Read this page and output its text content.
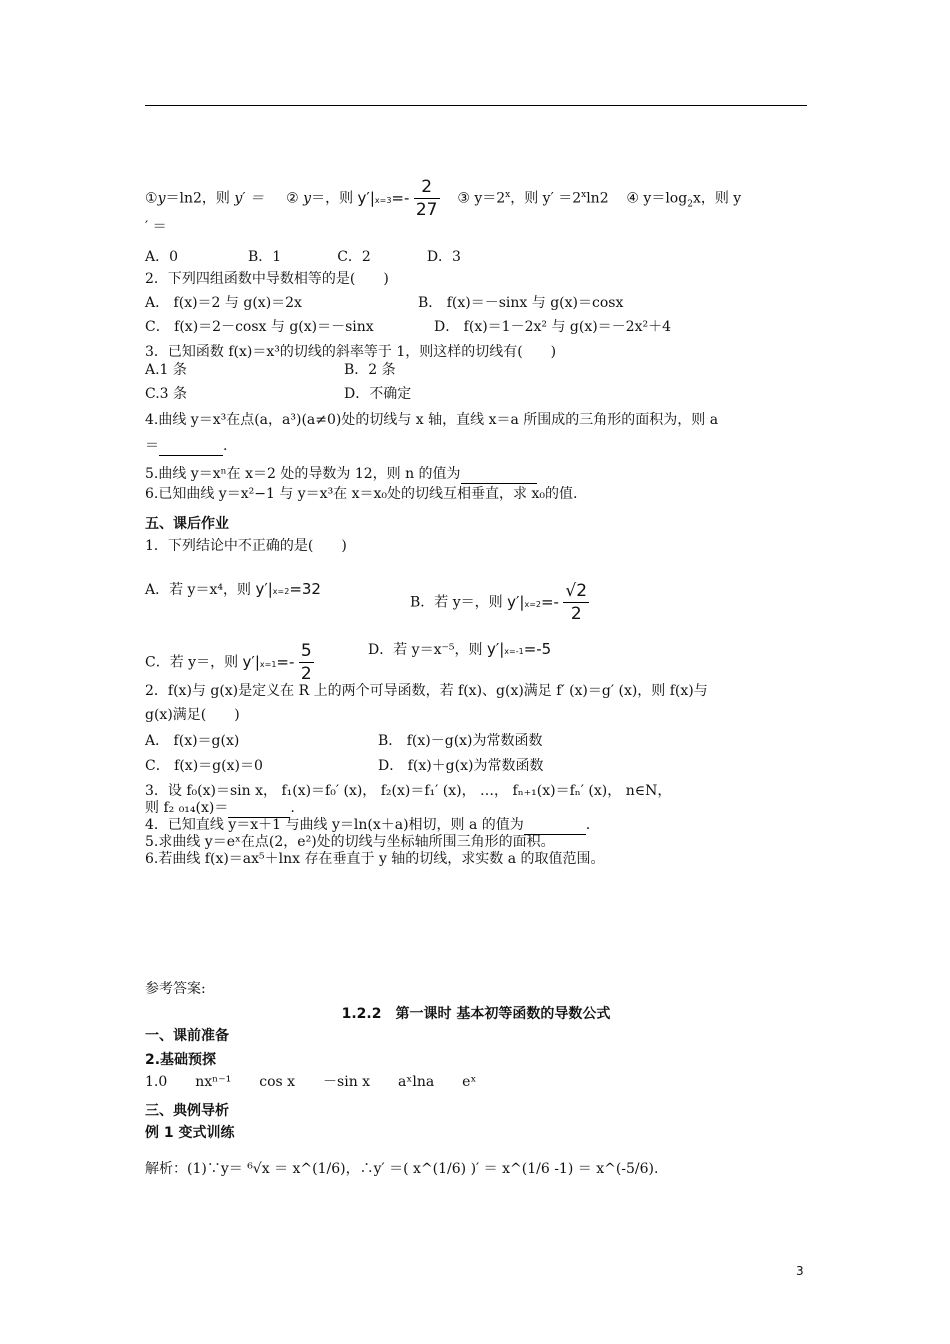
①y＝ln2，则 y′ ＝ ② y＝，则 $y'|x=3=- \frac{2}{27}$ ③ $y=2^x$，则 $y' =2^x\ln 2$ ④ $y=\log_2x$，则 y
′ ＝
A．0　　　　　B．1　　　　C．2　　　　D．3
2．下列四组函数中导数相等的是(　　)
A． f(x)＝2 与 g(x)＝2x	B． f(x)＝－sinx 与 g(x)＝cosx
C． f(x)＝2－cosx 与 g(x)＝－sinx	D． f(x)＝1－2x² 与 g(x)＝－2x²＋4
3．已知函数 f(x)＝x³的切线的斜率等于 1，则这样的切线有(　　)
A.1 条	B．2 条
C.3 条	D．不确定
4.曲线 y＝x³在点(a，a³)(a≠0)处的切线与 x 轴，直线 x＝a 所围成的三角形的面积为，则 a
＝	.
5.曲线 y＝xⁿ在 x＝2 处的导数为 12，则 n 的值为
6.已知曲线 y＝x²−1 与 y＝x³在 x＝x₀处的切线互相垂直，求 x₀的值.
五、课后作业
1．下列结论中不正确的是(　　)
A．若 y＝x⁴，则 y′|x=2=32
B．若 y＝，则 $y'|x=2=- \frac{√2}{2}$
C．若 y＝，则 $y'|x=1=- \frac{5}{2}$	D．若 y＝x⁻⁵，则 y′|x=-1=-5
2．f(x)与 g(x)是定义在 R 上的两个可导函数，若 f(x)、g(x)满足 f′ (x)＝g′ (x)，则 f(x)与
g(x)满足(　　)
A． f(x)＝g(x)	B． f(x)－g(x)为常数函数
C． f(x)＝g(x)＝0	D． f(x)＋g(x)为常数函数
3．设 f₀(x)＝sin x， f₁(x)＝f₀′ (x)， f₂(x)＝f₁′ (x)， …， fₙ₊₁(x)＝fₙ′ (x)， n∈N，
则 f₂ ₀₁₄(x)＝	.
4．已知直线 y＝x＋1 与曲线 y＝ln(x＋a)相切，则 a 的值为	.
5.求曲线 y＝eˣ在点(2，e²)处的切线与坐标轴所围三角形的面积。
6.若曲线 f(x)＝ax⁵＋lnx 存在垂直于 y 轴的切线，求实数 a 的取值范围。
参考答案:
1.2.2　第一课时 基本初等函数的导数公式
一、课前准备
2.基础预探
1.0　　nxⁿ⁻¹　　cos x　　－sin x　　aˣlna　　eˣ
三、典例导析
例 1 变式训练
解析：(1)∵y＝ ⁶√x ＝ x^(1/6)，∴y′ ＝( x^(1/6) )′ ＝ x^(1/6 -1) ＝ x^(-5/6).
3
